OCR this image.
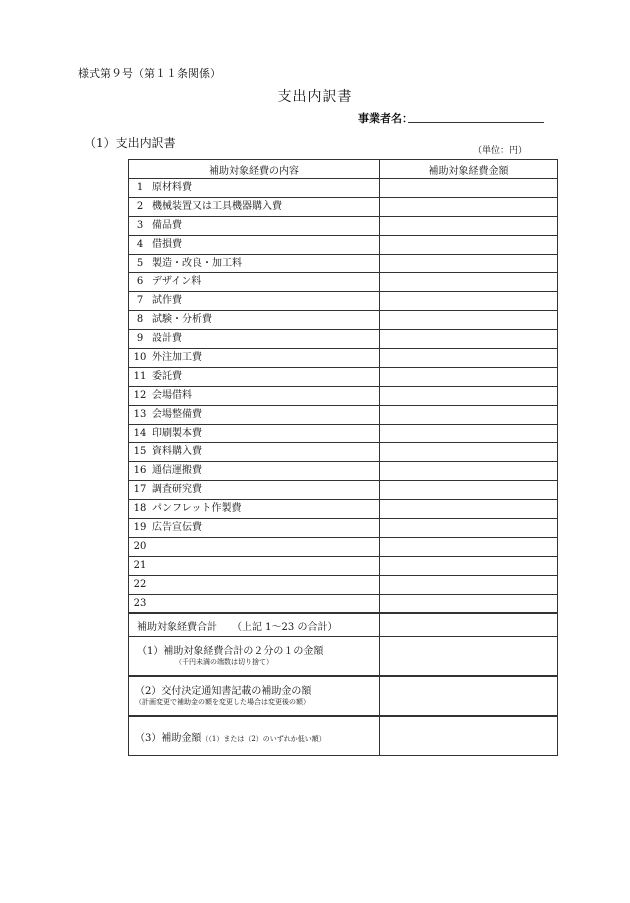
様式第９号（第１１条関係）
支出内訳書
事業者名：
（1）支出内訳書
（単位：円）
補助対象経費の内容	補助対象経費金額
1 原材料費	
2 機械装置又は工具機器購入費	
3 備品費	
4 借損費	
5 製造・改良・加工料	
6 デザイン料	
7 試作費	
8 試験・分析費	
9 設計費	
10 外注加工費	
11 委託費	
12 会場借料	
13 会場整備費	
14 印刷製本費	
15 資料購入費	
16 通信運搬費	
17 調査研究費	
18 パンフレット作製費	
19 広告宣伝費	
20	
21	
22	
23	
補助対象経費合計　　 （上記 1〜23 の合計）	

（1）補助対象経費合計の２分の１の金額
（千円未満の端数は切り捨て）	

（2）交付決定通知書記載の補助金の額
（計画変更で補助金の額を変更した場合は変更後の額）	

（3）補助金額（（1）または（2）のいずれか低い額）	
